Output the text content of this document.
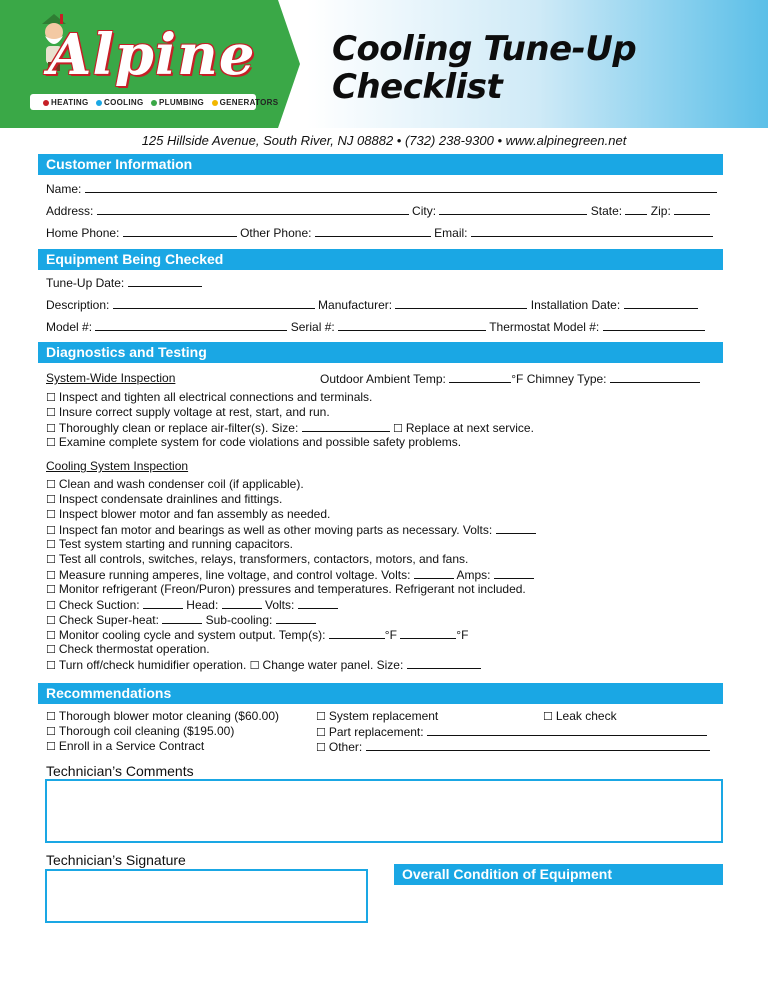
Alpine
HEATING COOLING PLUMBING GENERATORS
Cooling Tune-Up
Checklist
125 Hillside Avenue, South River, NJ 08882 • (732) 238-9300 • www.alpinegreen.net
Customer Information
Name:
Address:	City:	State: Zip:
Home Phone:	Other Phone:	Email:
Equipment Being Checked
Tune-Up Date:
Description:	Manufacturer:	Installation Date:
Model #:	Serial #:	Thermostat Model #:
Diagnostics and Testing
System-Wide Inspection	Outdoor Ambient Temp:	°F Chimney Type:
☐ Inspect and tighten all electrical connections and terminals.
☐ Insure correct supply voltage at rest, start, and run.
☐ Thoroughly clean or replace air-filter(s). Size:	☐ Replace at next service.
☐ Examine complete system for code violations and possible safety problems.
Cooling System Inspection
☐ Clean and wash condenser coil (if applicable).
☐ Inspect condensate drainlines and fittings.
☐ Inspect blower motor and fan assembly as needed.
☐ Inspect fan motor and bearings as well as other moving parts as necessary. Volts:
☐ Test system starting and running capacitors.
☐ Test all controls, switches, relays, transformers, contactors, motors, and fans.
☐ Measure running amperes, line voltage, and control voltage. Volts:	Amps:
☐ Monitor refrigerant (Freon/Puron) pressures and temperatures. Refrigerant not included.
☐ Check Suction:	Head:	Volts:
☐ Check Super-heat:	Sub-cooling:
☐ Monitor cooling cycle and system output. Temp(s):	°F	°F
☐ Check thermostat operation.
☐ Turn off/check humidifier operation. ☐ Change water panel. Size:
Recommendations
☐ Thorough blower motor cleaning ($60.00)
☐ Thorough coil cleaning ($195.00)
☐ Enroll in a Service Contract
☐ System replacement
☐ Part replacement:
☐ Other:
☐ Leak check
Technician’s Comments
Technician’s Signature
Overall Condition of Equipment
